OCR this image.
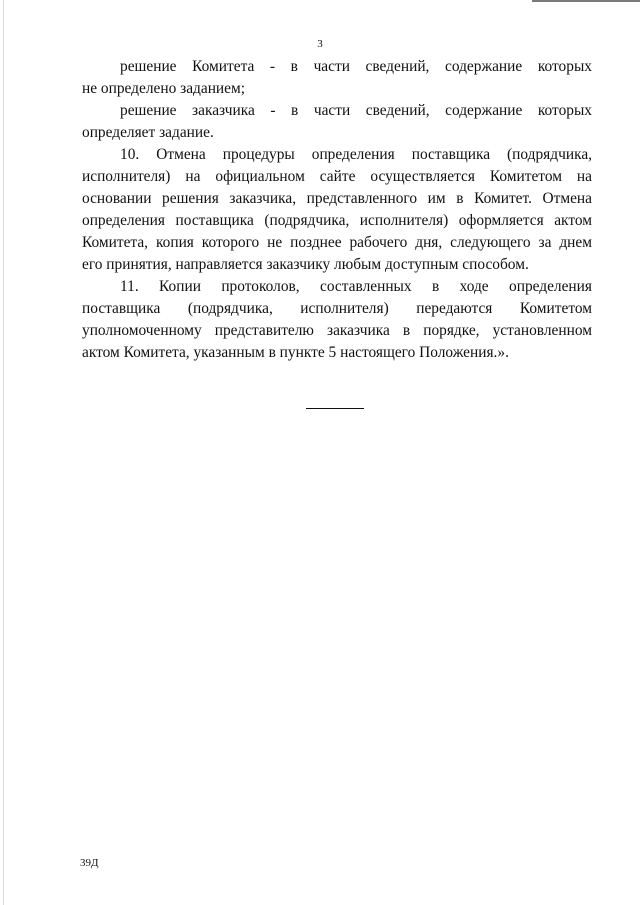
3
решение Комитета - в части сведений, содержание которых
не определено заданием;
решение заказчика - в части сведений, содержание которых
определяет задание.
10. Отмена процедуры определения поставщика (подрядчика,
исполнителя) на официальном сайте осуществляется Комитетом на
основании решения заказчика, представленного им в Комитет. Отмена
определения поставщика (подрядчика, исполнителя) оформляется актом
Комитета, копия которого не позднее рабочего дня, следующего за днем
его принятия, направляется заказчику любым доступным способом.
11. Копии протоколов, составленных в ходе определения
поставщика (подрядчика, исполнителя) передаются Комитетом
уполномоченному представителю заказчика в порядке, установленном
актом Комитета, указанным в пункте 5 настоящего Положения.».
39Д
